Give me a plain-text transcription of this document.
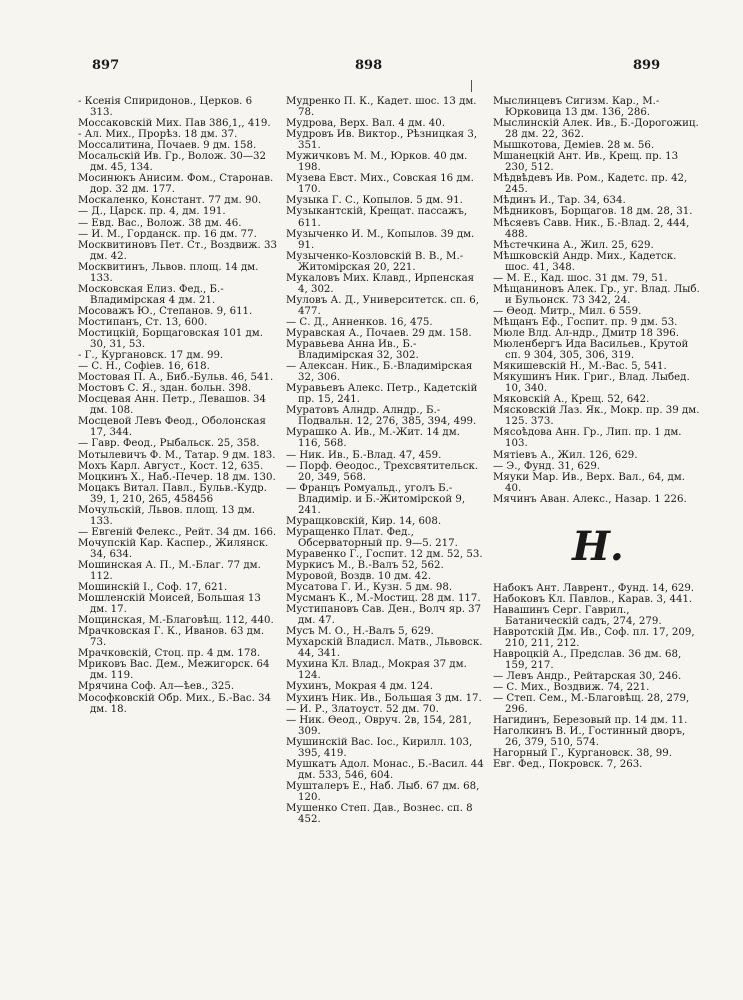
897	898	899

- Ксенія Спиридонов., Церков. 6 313.

Моссаковскій Мих. Пав 386,1,, 419.

- Ал. Мих., Прорѣз. 18 дм. 37.

Моссалитина, Почаев. 9 дм. 158.

Мосальскій Ив. Гр., Волож. 30—32 дм. 45, 134.

Мосинюкъ Анисим. Фом., Старонав. дор. 32 дм. 177.

Москаленко, Констант. 77 дм. 90.

— Д., Царск. пр. 4, дм. 191.

— Евд. Вас., Волож. 38 дм. 46.

— И. М., Горданск. пр. 16 дм. 77.

Москвитиновъ Пет. Ст., Воздвиж. 33 дм. 42.

Москвитинъ, Львов. площ. 14 дм. 133.

Московская Елиз. Фед., Б.-Владимірская 4 дм. 21.

Мосоважъ Ю., Степанов. 9, 611.

Мостипанъ, Ст. 13, 600.

Мостицкій, Борщаговская 101 дм. 30, 31, 53.

- Г., Кургановск. 17 дм. 99.

— С. Н., Софіев. 16, 618.

Мостовая П. А., Биб.-Бульв. 46, 541.

Мостовъ С. Я., здан. больн. 398.

Мосцевая Анн. Петр., Левашов. 34 дм. 108.

Мосцевой Левъ Феод., Оболонская 17, 344.

— Гавр. Феод., Рыбальск. 25, 358.

Мотылевичъ Ф. М., Татар. 9 дм. 183.

Мохъ Карл. Август., Кост. 12, 635.

Моцкинъ Х., Наб.-Печер. 18 дм. 130.

Моцакъ Витал. Павл., Бульв.-Кудр. 39, 1, 210, 265, 458456

Мочульскій, Львов. площ. 13 дм. 133.

— Евгеній Фелекс., Рейт. 34 дм. 166.

Мочупскій Кар. Каспер., Жилянск. 34, 634.

Мошинская А. П., М.-Благ. 77 дм. 112.

Мошинскій I., Соф. 17, 621.

Мошленскій Моисей, Большая 13 дм. 17.

Мощинская, М.-Благовѣщ. 112, 440.

Мрачковская Г. К., Иванов. 63 дм. 73.

Мрачковскій, Стоц. пр. 4 дм. 178.

Мриковъ Вас. Дем., Межигорск. 64 дм. 119.

Мрячина Соф. Ал—ѣев., 325.

Мософковскій Обр. Мих., Б.-Вас. 34 дм. 18.

Мудренко П. К., Кадет. шос. 13 дм. 78.

Мудрова, Верх. Вал. 4 дм. 40.

Мудровъ Ив. Виктор., Рѣзницкая 3, 351.

Мужичковъ М. М., Юрков. 40 дм. 198.

Музева Евст. Мих., Совская 16 дм. 170.

Музыка Г. С., Копылов. 5 дм. 91.

Музыкантскій, Крещат. пассажъ, 611.

Музыченко И. М., Копылов. 39 дм. 91.

Музыченко-Козловскій В. В., М.-Житомірская 20, 221.

Мукаловъ Мих. Клавд., Ирпенская 4, 302.

Муловъ А. Д., Университетск. сп. 6, 477.

— С. Д., Анненков. 16, 475.

Муравская А., Почаев. 29 дм. 158.

Муравьева Анна Ив., Б.-Владимірская 32, 302.

— Алексан. Ник., Б.-Владимірская 32, 306.

Муравьевъ Алекс. Петр., Кадетскій пр. 15, 241.

Муратовъ Алндр. Алндр., Б.-Подвальн. 12, 276, 385, 394, 499.

Мурашко А. Ив., М.-Жит. 14 дм. 116, 568.

— Ник. Ив., Б.-Влад. 47, 459.

— Порф. Ѳеодос., Трехсвятительск. 20, 349, 568.

— Францъ Ромуальд., уголъ Б.-Владимір. и Б.-Житомірской 9, 241.

Муращковскій, Кир. 14, 608.

Муращенко Плат. Фед., Обсерваторный пр. 9—5. 217.

Муравенко Г., Госпит. 12 дм. 52, 53.

Муркисъ М., В.-Валъ 52, 562.

Муровой, Воздв. 10 дм. 42.

Мусатова Г. И., Кузн. 5 дм. 98.

Мусманъ К., М.-Мостиц. 28 дм. 117.

Мустипановъ Сав. Ден., Волч яр. 37 дм. 47.

Мусъ М. О., Н.-Валъ 5, 629.

Мухарскій Владисл. Матв., Львовск. 44, 341.

Мухина Кл. Влад., Мокрая 37 дм. 124.

Мухинъ, Мокрая 4 дм. 124.

Мухинъ Ник. Ив., Большая 3 дм. 17.

— И. Р., Златоуст. 52 дм. 70.

— Ник. Ѳеод., Овруч. 2в, 154, 281, 309.

Мушинскій Вас. Іос., Кирилл. 103, 395, 419.

Мушкатъ Адол. Монас., Б.-Васил. 44 дм. 533, 546, 604.

Мушталеръ Е., Наб. Лыб. 67 дм. 68, 120.

Мушенко Степ. Дав., Вознес. сп. 8 452.

Мыслинцевъ Сигизм. Кар., М.-Юрковица 13 дм. 136, 286.

Мыслинскій Алек. Ив., Б.-Дорогожиц. 28 дм. 22, 362.

Мышкотова, Деміев. 28 м. 56.

Мшанецкій Ант. Ив., Крещ. пр. 13 230, 512.

Мѣдвѣдевъ Ив. Ром., Кадетс. пр. 42, 245.

Мѣдинъ И., Тар. 34, 634.

Мѣдниковъ, Борщагов. 18 дм. 28, 31.

Мѣсяевъ Савв. Ник., Б.-Влад. 2, 444, 488.

Мѣстечкина А., Жил. 25, 629.

Мѣшковскій Андр. Мих., Кадетск. шос. 41, 348.

— М. Е., Кад. шос. 31 дм. 79, 51.

Мѣщаниновъ Алек. Гр., уг. Влад. Лыб. и Бульонск. 73 342, 24.

— Ѳеод. Митр., Мил. 6 559.

Мѣщанъ Еф., Госпит. пр. 9 дм. 53.

Мюле Влд. Ал-ндр., Дмитр 18 396.

Мюленбергъ Ида Васильев., Крутой сп. 9 304, 305, 306, 319.

Мякишевскій Н., М.-Вас. 5, 541.

Мякушинъ Ник. Григ., Влад. Лыбед. 10, 340.

Мяковскій А., Крещ. 52, 642.

Мясковскій Лаз. Як., Мокр. пр. 39 дм. 125. 373.

Мясоѣдова Анн. Гр., Лип. пр. 1 дм. 103.

Мятіевъ А., Жил. 126, 629.

— Э., Фунд. 31, 629.

Мяуки Мар. Ив., Верх. Вал., 64, дм. 40.

Мячинъ Аван. Алекс., Назар. 1 226.

Н.

Набокъ Ант. Лаврент., Фунд. 14, 629.

Набоковъ Кл. Павлов., Карав. 3, 441.

Навашинъ Серг. Гаврил., Батаническій садъ, 274, 279.

Навротскій Дм. Ив., Соф. пл. 17, 209, 210, 211, 212.

Навроцкій А., Предслав. 36 дм. 68, 159, 217.

— Левъ Андр., Рейтарская 30, 246.

— С. Мих., Воздвиж. 74, 221.

— Степ. Сем., М.-Благовѣщ. 28, 279, 296.

Нагидинъ, Березовый пр. 14 дм. 11.

Наголкинъ В. И., Гостинный дворъ, 26, 379, 510, 574.

Нагорный Г., Кургановск. 38, 99.

Евг. Фед., Покровск. 7, 263.
